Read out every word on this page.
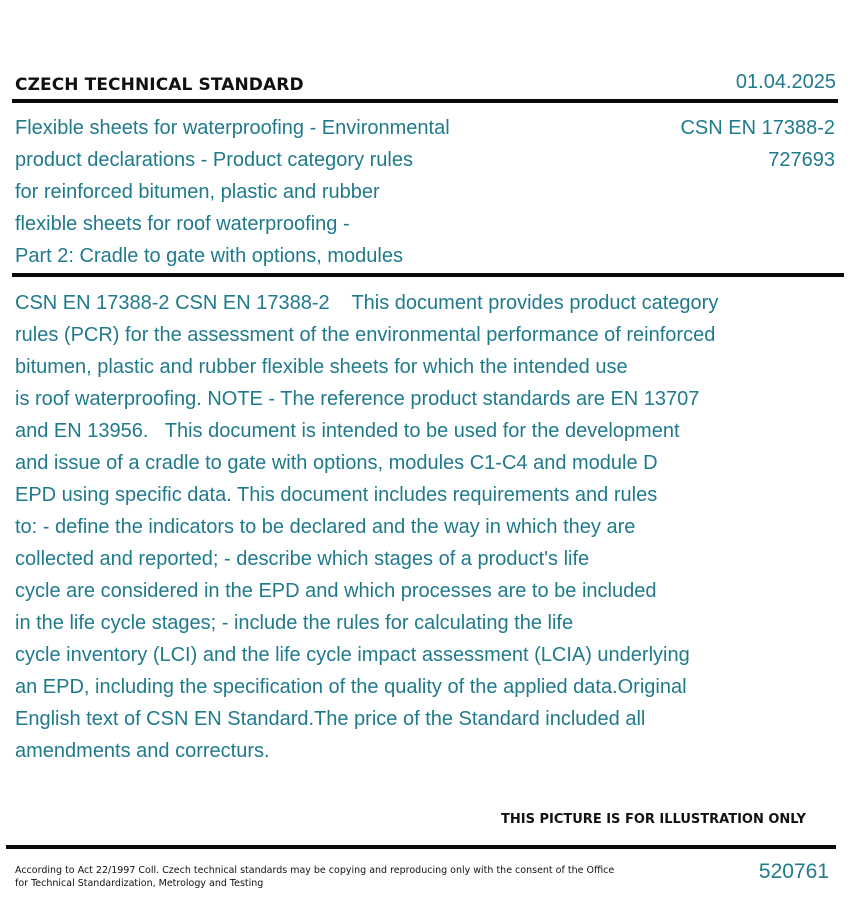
CZECH TECHNICAL STANDARD	01.04.2025
Flexible sheets for waterproofing - Environmental
product declarations - Product category rules
for reinforced bitumen, plastic and rubber
flexible sheets for roof waterproofing -
Part 2: Cradle to gate with options, modules
CSN EN 17388-2
727693
CSN EN 17388-2 CSN EN 17388-2    This document provides product category
rules (PCR) for the assessment of the environmental performance of reinforced
bitumen, plastic and rubber flexible sheets for which the intended use
is roof waterproofing. NOTE - The reference product standards are EN 13707
and EN 13956.   This document is intended to be used for the development
and issue of a cradle to gate with options, modules C1-C4 and module D
EPD using specific data. This document includes requirements and rules
to: - define the indicators to be declared and the way in which they are
collected and reported; - describe which stages of a product's life
cycle are considered in the EPD and which processes are to be included
in the life cycle stages; - include the rules for calculating the life
cycle inventory (LCI) and the life cycle impact assessment (LCIA) underlying
an EPD, including the specification of the quality of the applied data.Original
English text of CSN EN Standard.The price of the Standard included all
amendments and correcturs.
THIS PICTURE IS FOR ILLUSTRATION ONLY
According to Act 22/1997 Coll. Czech technical standards may be copying and reproducing only with the consent of the Office
for Technical Standardization, Metrology and Testing
520761
